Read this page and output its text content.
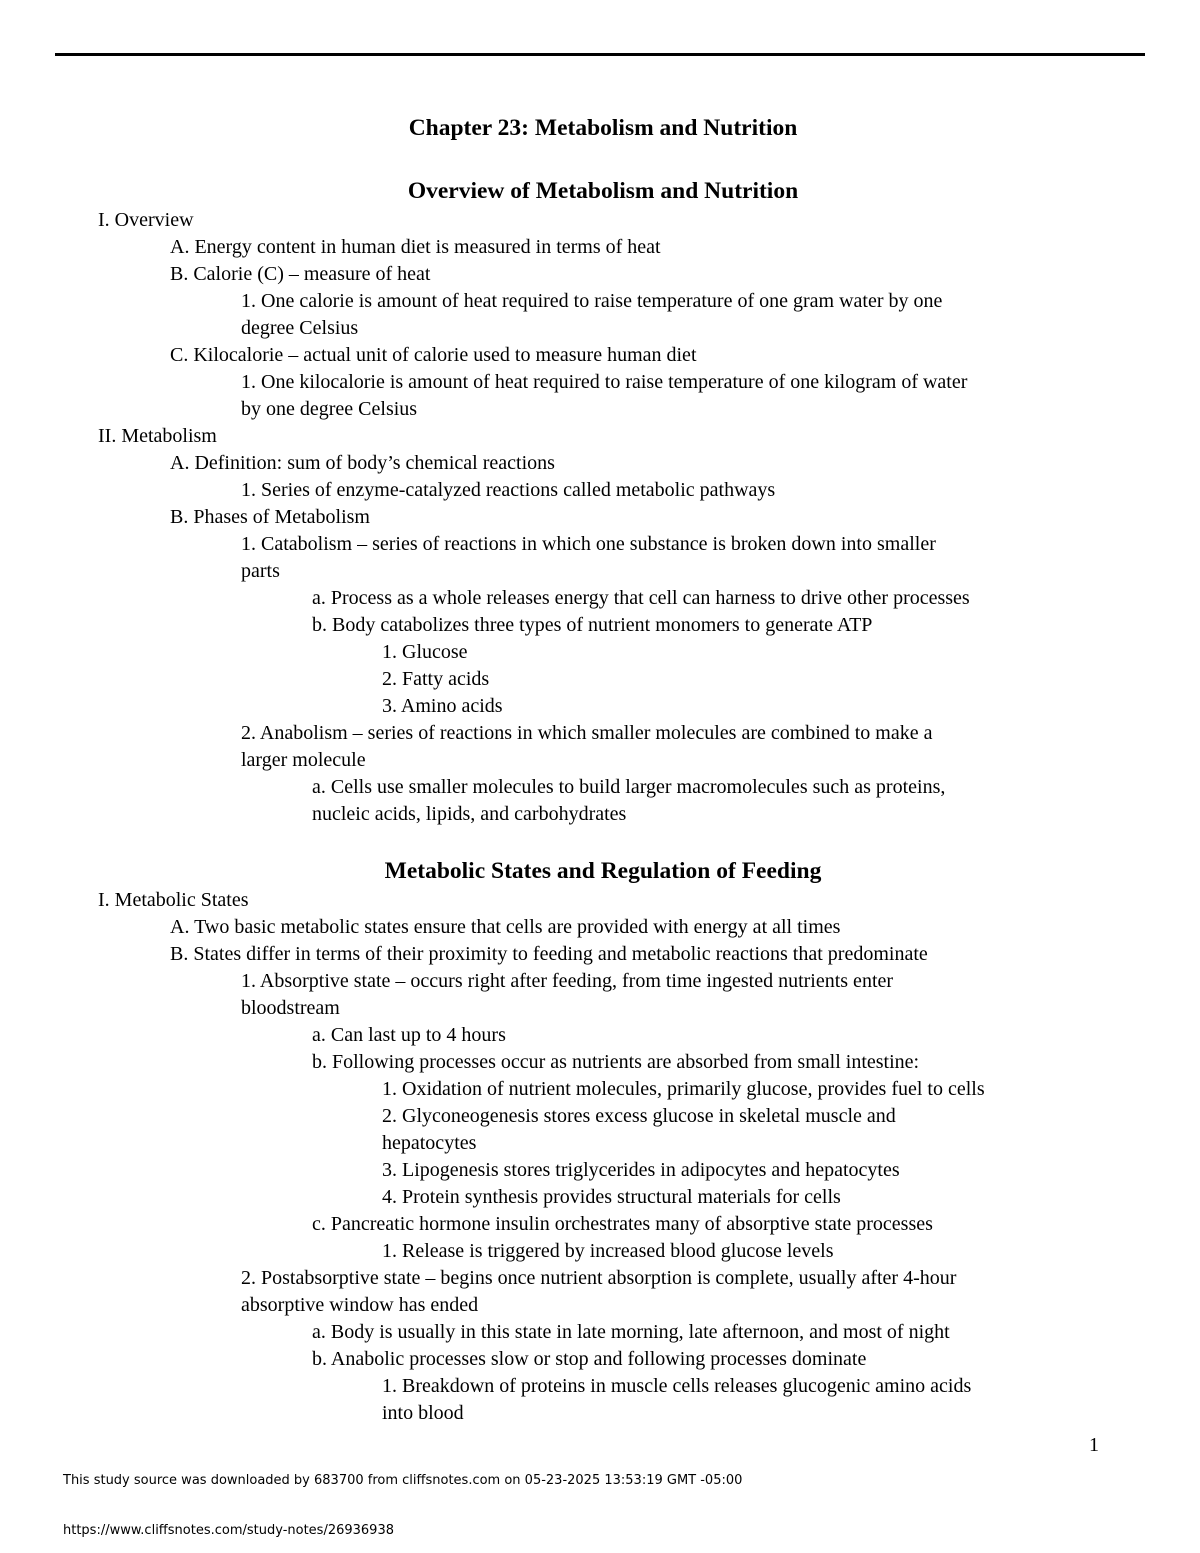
Chapter 23: Metabolism and Nutrition
Overview of Metabolism and Nutrition
I. Overview
A. Energy content in human diet is measured in terms of heat
B. Calorie (C) – measure of heat
1. One calorie is amount of heat required to raise temperature of one gram water by one
degree Celsius
C. Kilocalorie – actual unit of calorie used to measure human diet
1. One kilocalorie is amount of heat required to raise temperature of one kilogram of water
by one degree Celsius
II. Metabolism
A. Definition: sum of body’s chemical reactions
1. Series of enzyme-catalyzed reactions called metabolic pathways
B. Phases of Metabolism
1. Catabolism – series of reactions in which one substance is broken down into smaller
parts
a. Process as a whole releases energy that cell can harness to drive other processes
b. Body catabolizes three types of nutrient monomers to generate ATP
1. Glucose
2. Fatty acids
3. Amino acids
2. Anabolism – series of reactions in which smaller molecules are combined to make a
larger molecule
a. Cells use smaller molecules to build larger macromolecules such as proteins,
nucleic acids, lipids, and carbohydrates
Metabolic States and Regulation of Feeding
I. Metabolic States
A. Two basic metabolic states ensure that cells are provided with energy at all times
B. States differ in terms of their proximity to feeding and metabolic reactions that predominate
1. Absorptive state – occurs right after feeding, from time ingested nutrients enter
bloodstream
a. Can last up to 4 hours
b. Following processes occur as nutrients are absorbed from small intestine:
1. Oxidation of nutrient molecules, primarily glucose, provides fuel to cells
2. Glyconeogenesis stores excess glucose in skeletal muscle and
hepatocytes
3. Lipogenesis stores triglycerides in adipocytes and hepatocytes
4. Protein synthesis provides structural materials for cells
c. Pancreatic hormone insulin orchestrates many of absorptive state processes
1. Release is triggered by increased blood glucose levels
2. Postabsorptive state – begins once nutrient absorption is complete, usually after 4-hour
absorptive window has ended
a. Body is usually in this state in late morning, late afternoon, and most of night
b. Anabolic processes slow or stop and following processes dominate
1. Breakdown of proteins in muscle cells releases glucogenic amino acids
into blood
1
This study source was downloaded by 683700 from cliffsnotes.com on 05-23-2025 13:53:19 GMT -05:00
https://www.cliffsnotes.com/study-notes/26936938
